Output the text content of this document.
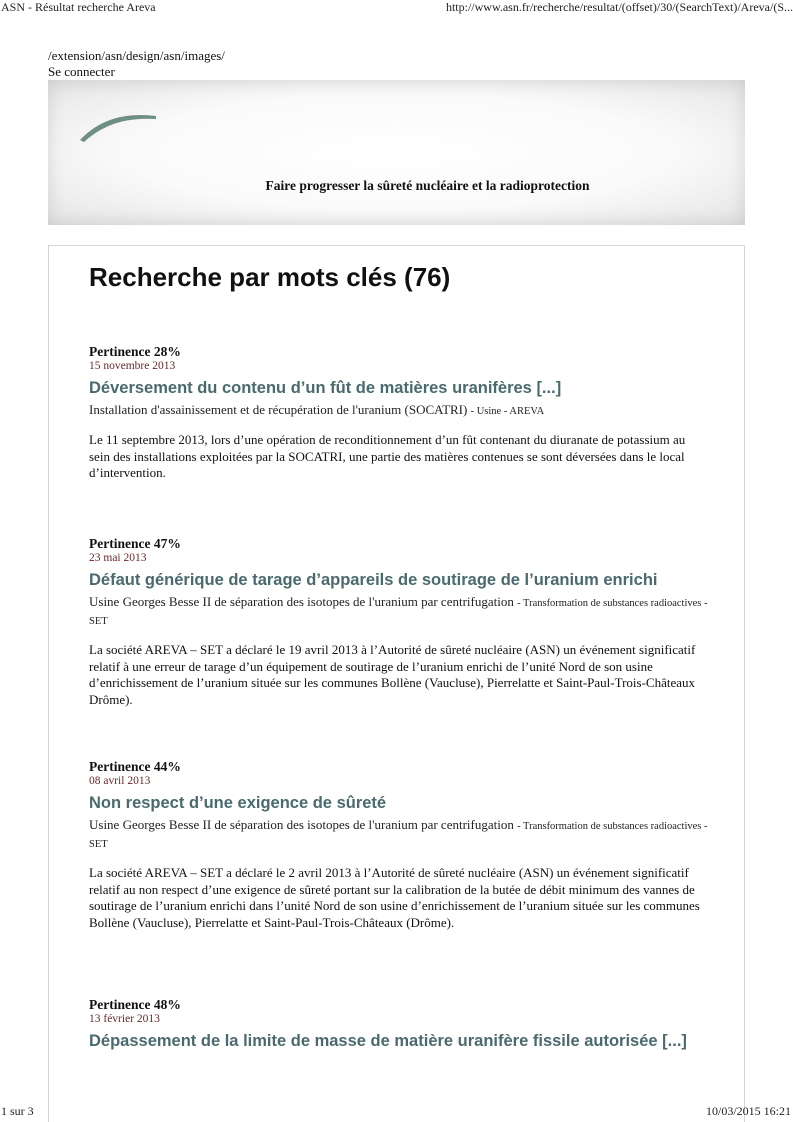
ASN - Résultat recherche Areva	http://www.asn.fr/recherche/resultat/(offset)/30/(SearchText)/Areva/(S...
/extension/asn/design/asn/images/
Se connecter
Faire progresser la sûreté nucléaire et la radioprotection
Recherche par mots clés (76)
Pertinence 28%
15 novembre 2013
Déversement du contenu d’un fût de matières uranifères [...]
Installation d'assainissement et de récupération de l'uranium (SOCATRI) - Usine - AREVA
Le 11 septembre 2013, lors d’une opération de reconditionnement d’un fût contenant du diuranate de potassium au sein des installations exploitées par la SOCATRI, une partie des matières contenues se sont déversées dans le local d’intervention.
Pertinence 47%
23 mai 2013
Défaut générique de tarage d’appareils de soutirage de l’uranium enrichi
Usine Georges Besse II de séparation des isotopes de l'uranium par centrifugation - Transformation de substances radioactives - SET
La société AREVA – SET a déclaré le 19 avril 2013 à l’Autorité de sûreté nucléaire (ASN) un événement significatif relatif à une erreur de tarage d’un équipement de soutirage de l’uranium enrichi de l’unité Nord de son usine d’enrichissement de l’uranium située sur les communes Bollène (Vaucluse), Pierrelatte et Saint-Paul-Trois-Châteaux Drôme).
Pertinence 44%
08 avril 2013
Non respect d’une exigence de sûreté
Usine Georges Besse II de séparation des isotopes de l'uranium par centrifugation - Transformation de substances radioactives - SET
La société AREVA – SET a déclaré le 2 avril 2013 à l’Autorité de sûreté nucléaire (ASN) un événement significatif relatif au non respect d’une exigence de sûreté portant sur la calibration de la butée de débit minimum des vannes de soutirage de l’uranium enrichi dans l’unité Nord de son usine d’enrichissement de l’uranium située sur les communes Bollène (Vaucluse), Pierrelatte et Saint-Paul-Trois-Châteaux (Drôme).
Pertinence 48%
13 février 2013
Dépassement de la limite de masse de matière uranifère fissile autorisée [...]
1 sur 3	10/03/2015 16:21
